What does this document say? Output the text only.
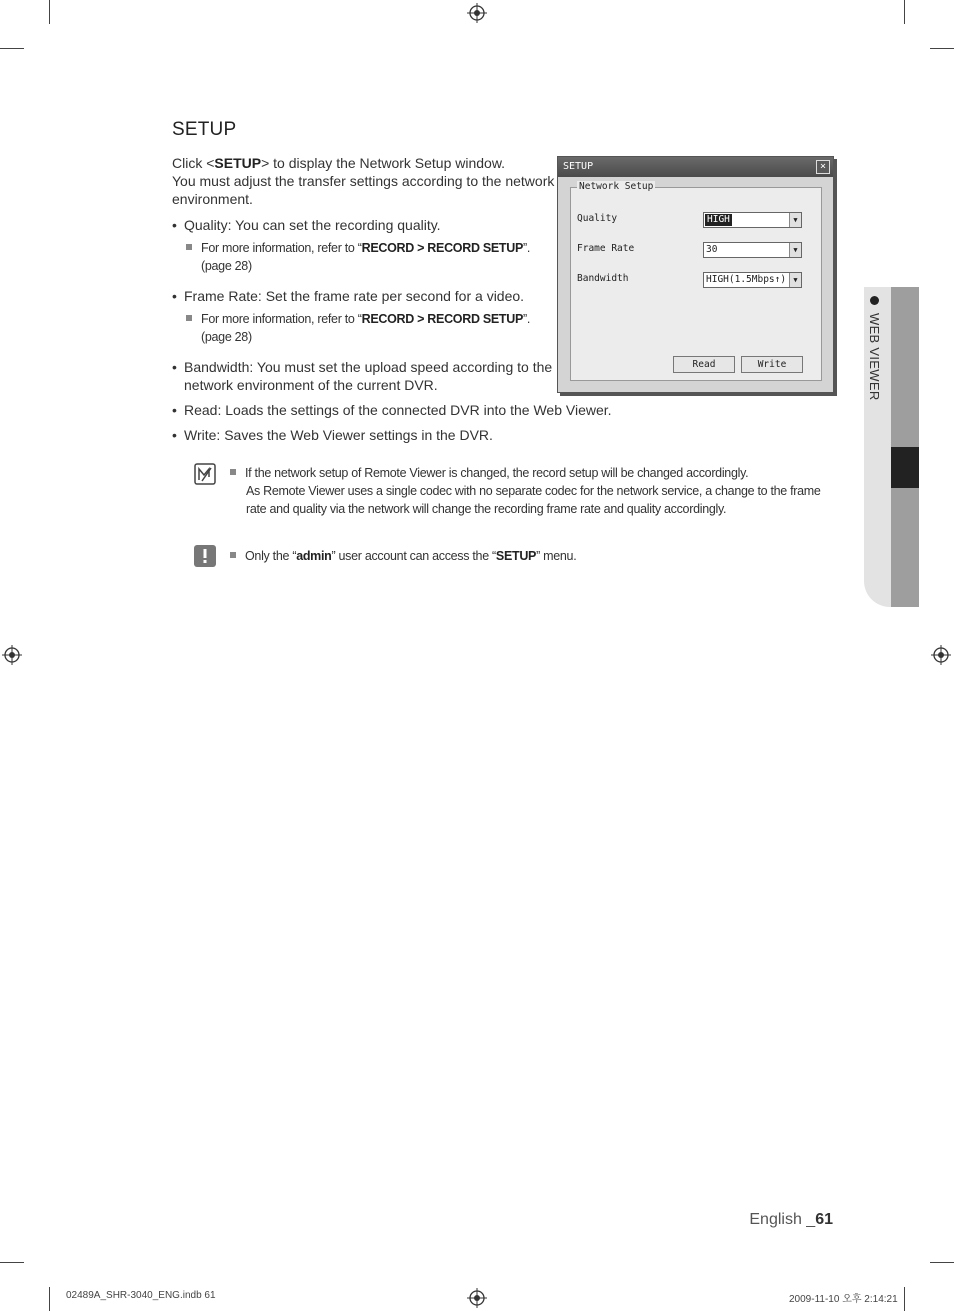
SETUP
Click <SETUP> to display the Network Setup window.
You must adjust the transfer settings according to the network
environment.
• Quality: You can set the recording quality.
For more information, refer to “RECORD > RECORD SETUP”.
(page 28)
• Frame Rate: Set the frame rate per second for a video.
For more information, refer to “RECORD > RECORD SETUP”.
(page 28)
• Bandwidth: You must set the upload speed according to the
network environment of the current DVR.
• Read: Loads the settings of the connected DVR into the Web Viewer.
• Write: Saves the Web Viewer settings in the DVR.
SETUP	×
Network Setup
Quality	HIGH	▼
Frame Rate	30	▼
Bandwidth	HIGH(1.5Mbps↑)	▼
Read	Write
If the network setup of Remote Viewer is changed, the record setup will be changed accordingly.
As Remote Viewer uses a single codec with no separate codec for the network service, a change to the frame
rate and quality via the network will change the recording frame rate and quality accordingly.
Only the “admin” user account can access the “SETUP” menu.
WEB VIEWER
English _61
02489A_SHR-3040_ENG.indb 61	2009-11-10 오후 2:14:21
